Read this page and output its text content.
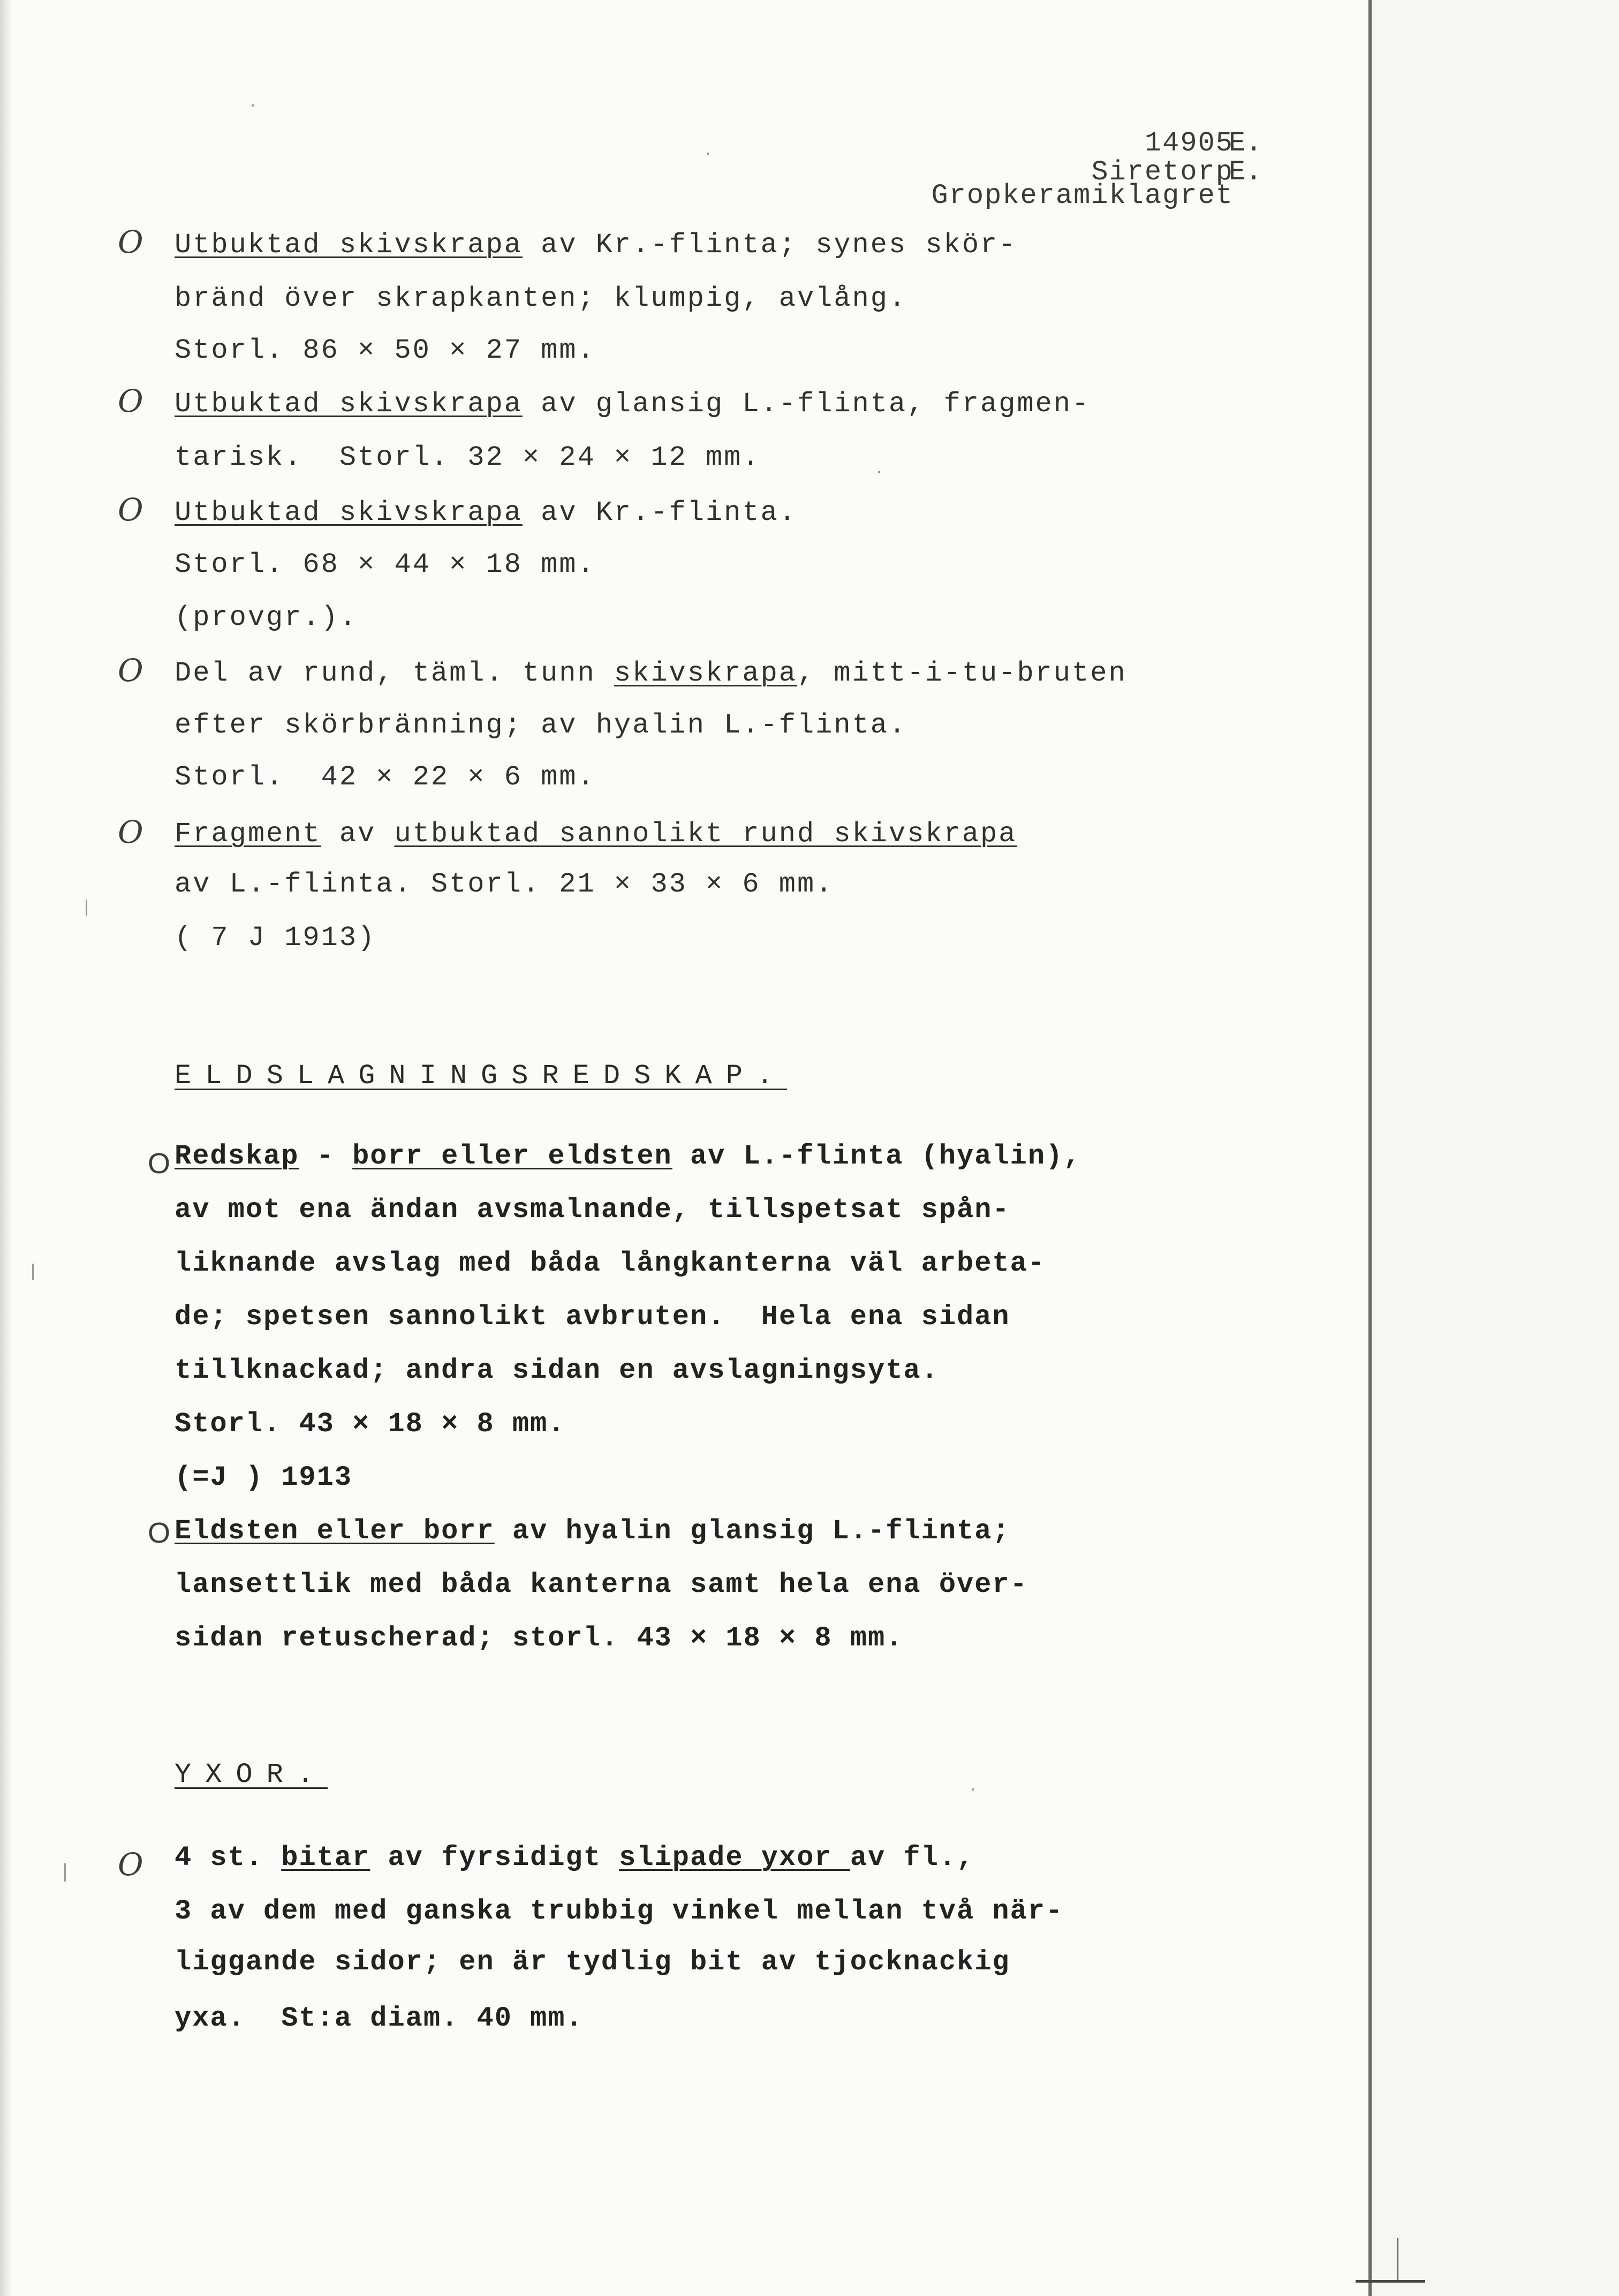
14905
E.
Siretorp
E.
Gropkeramiklagret
O Utbuktad skivskrapa av Kr.-flinta; synes skör-
bränd över skrapkanten; klumpig, avlång.
Storl. 86 × 50 × 27 mm.
O Utbuktad skivskrapa av glansig L.-flinta, fragmen-
tarisk.  Storl. 32 × 24 × 12 mm.
O Utbuktad skivskrapa av Kr.-flinta.
Storl. 68 × 44 × 18 mm.
(provgr.).
O Del av rund, täml. tunn skivskrapa, mitt-i-tu-bruten
efter skörbränning; av hyalin L.-flinta.
Storl.  42 × 22 × 6 mm.
O Fragment av utbuktad sannolikt rund skivskrapa
av L.-flinta. Storl. 21 × 33 × 6 mm.
( 7 J 1913)
ELDSLAGNINGSREDSKAP.
O Redskap - borr eller eldsten av L.-flinta (hyalin),
av mot ena ändan avsmalnande, tillspetsat spån-
liknande avslag med båda långkanterna väl arbeta-
de; spetsen sannolikt avbruten.  Hela ena sidan
tillknackad; andra sidan en avslagningsyta.
Storl. 43 × 18 × 8 mm.
(=J ) 1913
O Eldsten eller borr av hyalin glansig L.-flinta;
lansettlik med båda kanterna samt hela ena över-
sidan retuscherad; storl. 43 × 18 × 8 mm.
YXOR.
O 4 st. bitar av fyrsidigt slipade yxor av fl.,
3 av dem med ganska trubbig vinkel mellan två när-
liggande sidor; en är tydlig bit av tjocknackig
yxa.  St:a diam. 40 mm.
